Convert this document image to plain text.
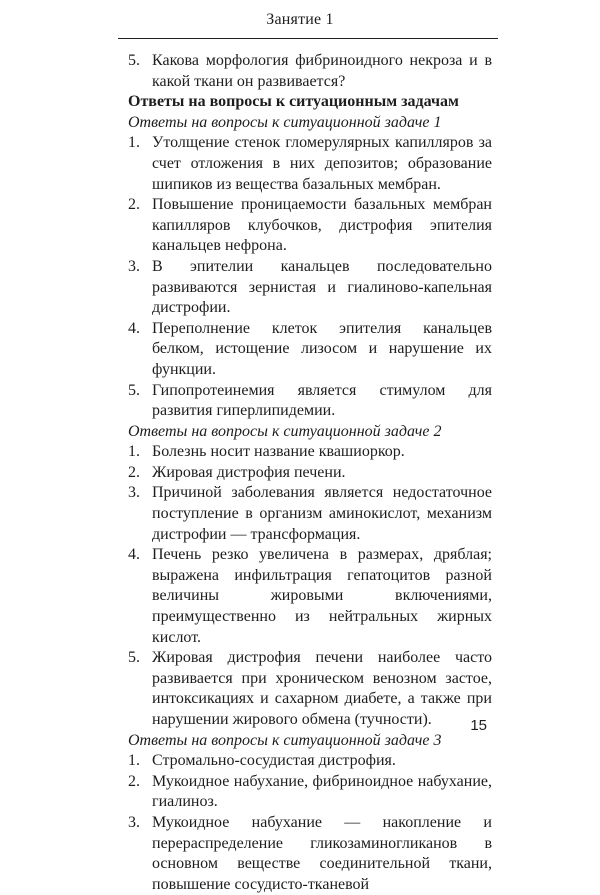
Занятие 1
5. Какова морфология фибриноидного некроза и в какой ткани он развивается?
Ответы на вопросы к ситуационным задачам
Ответы на вопросы к ситуационной задаче 1
1. Утолщение стенок гломерулярных капилляров за счет отложения в них депозитов; образование шипиков из вещества базальных мембран.
2. Повышение проницаемости базальных мембран капилляров клубочков, дистрофия эпителия канальцев нефрона.
3. В эпителии канальцев последовательно развиваются зернистая и гиалиново-капельная дистрофии.
4. Переполнение клеток эпителия канальцев белком, истощение лизосом и нарушение их функции.
5. Гипопротеинемия является стимулом для развития гиперлипидемии.
Ответы на вопросы к ситуационной задаче 2
1. Болезнь носит название квашиоркор.
2. Жировая дистрофия печени.
3. Причиной заболевания является недостаточное поступление в организм аминокислот, механизм дистрофии — трансформация.
4. Печень резко увеличена в размерах, дряблая; выражена инфильтрация гепатоцитов разной величины жировыми включениями, преимущественно из нейтральных жирных кислот.
5. Жировая дистрофия печени наиболее часто развивается при хроническом венозном застое, интоксикациях и сахарном диабете, а также при нарушении жирового обмена (тучности).
Ответы на вопросы к ситуационной задаче 3
1. Стромально-сосудистая дистрофия.
2. Мукоидное набухание, фибриноидное набухание, гиалиноз.
3. Мукоидное набухание — накопление и перераспределение гликозаминогликанов в основном веществе соединительной ткани, повышение сосудисто-тканевой
15
